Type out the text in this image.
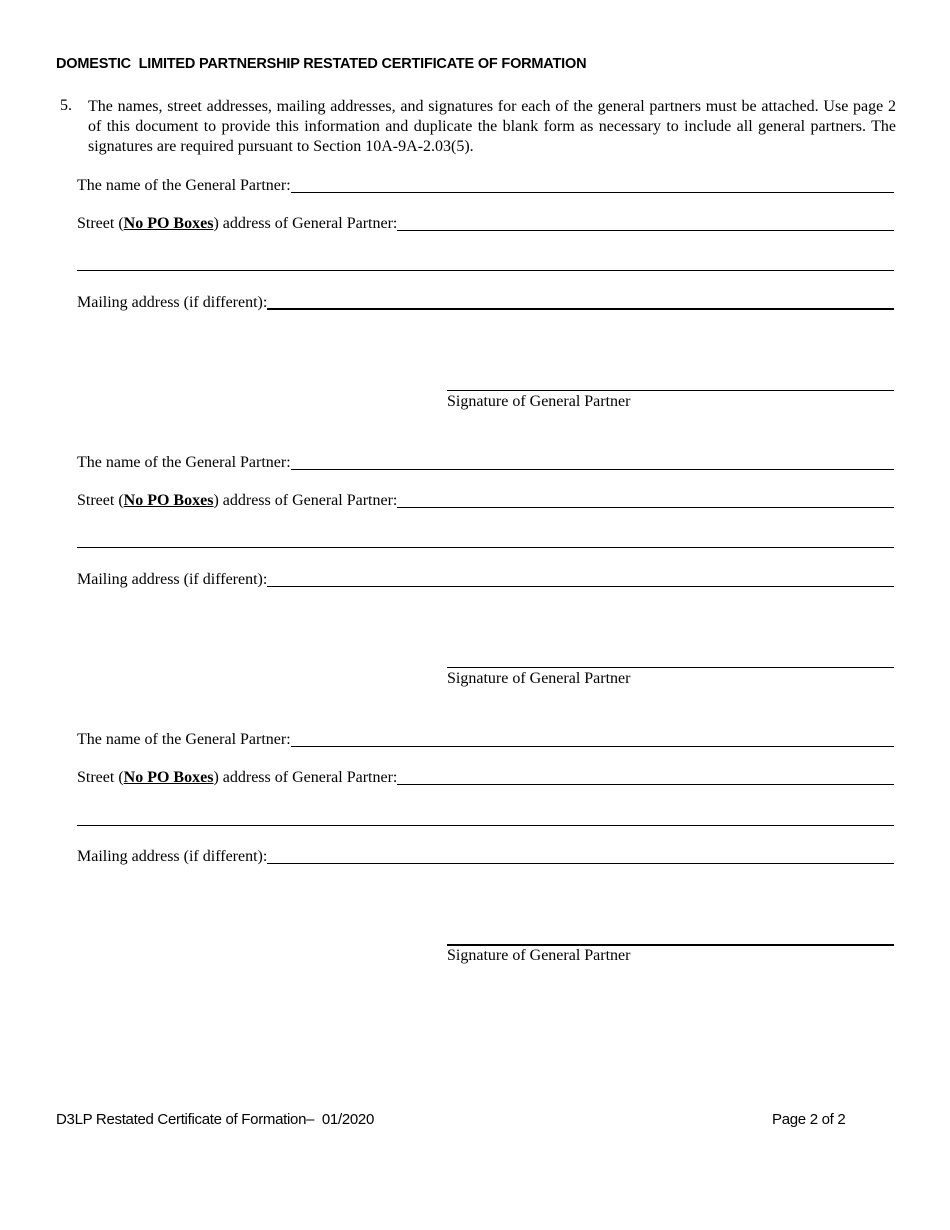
DOMESTIC  LIMITED PARTNERSHIP RESTATED CERTIFICATE OF FORMATION
5. The names, street addresses, mailing addresses, and signatures for each of the general partners must be attached. Use page 2 of this document to provide this information and duplicate the blank form as necessary to include all general partners. The signatures are required pursuant to Section 10A-9A-2.03(5).
The name of the General Partner:
Street (No PO Boxes) address of General Partner:
Mailing address (if different):
Signature of General Partner
The name of the General Partner:
Street (No PO Boxes) address of General Partner:
Mailing address (if different):
Signature of General Partner
The name of the General Partner:
Street (No PO Boxes) address of General Partner:
Mailing address (if different):
Signature of General Partner
D3LP Restated Certificate of Formation–  01/2020	Page 2 of 2
